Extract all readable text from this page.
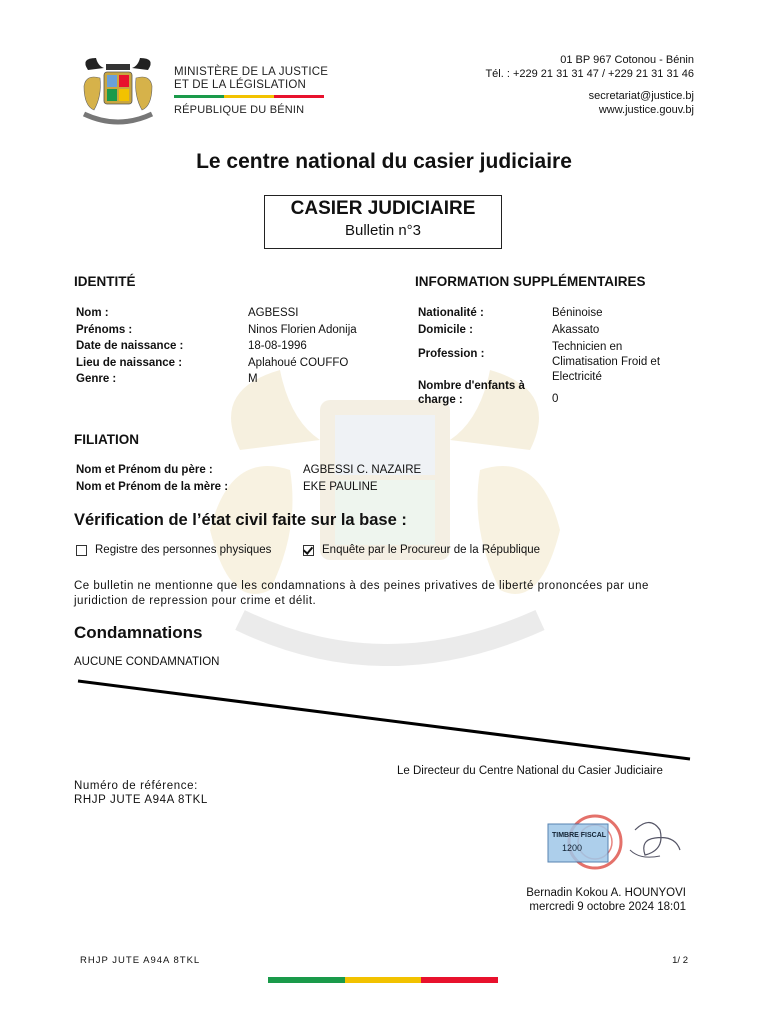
MINISTÈRE DE LA JUSTICE
ET DE LA LÉGISLATION
RÉPUBLIQUE DU BÉNIN
01 BP 967 Cotonou - Bénin
Tél. : +229 21 31 31 47 / +229 21 31 31 46
secretariat@justice.bj
www.justice.gouv.bj
Le centre national du casier judiciaire
CASIER JUDICIAIRE
Bulletin n°3
IDENTITÉ
Nom :
Prénoms :
Date de naissance :
Lieu de naissance :
Genre :
AGBESSI
Ninos Florien Adonija
18-08-1996
Aplahoué COUFFO
M
INFORMATION SUPPLÉMENTAIRES
Nationalité :
Domicile :
Profession :
Nombre d'enfants à
charge :
Béninoise
Akassato
Technicien en
Climatisation Froid et
Electricité
0
FILIATION
Nom et Prénom du père :
Nom et Prénom de la mère :
AGBESSI C. NAZAIRE
EKE PAULINE
Vérification de l’état civil faite sur la base :
Registre des personnes physiques	Enquête par le Procureur de la République
Ce bulletin ne mentionne que les condamnations à des peines privatives de liberté prononcées par une juridiction de repression pour crime et délit.
Condamnations
AUCUNE CONDAMNATION
Le Directeur du Centre National du Casier Judiciaire
Numéro de référence:
RHJP JUTE A94A 8TKL
TIMBRE FISCAL
1200
Bernadin Kokou A. HOUNYOVI
mercredi 9 octobre 2024 18:01
RHJP JUTE A94A 8TKL	1/ 2
